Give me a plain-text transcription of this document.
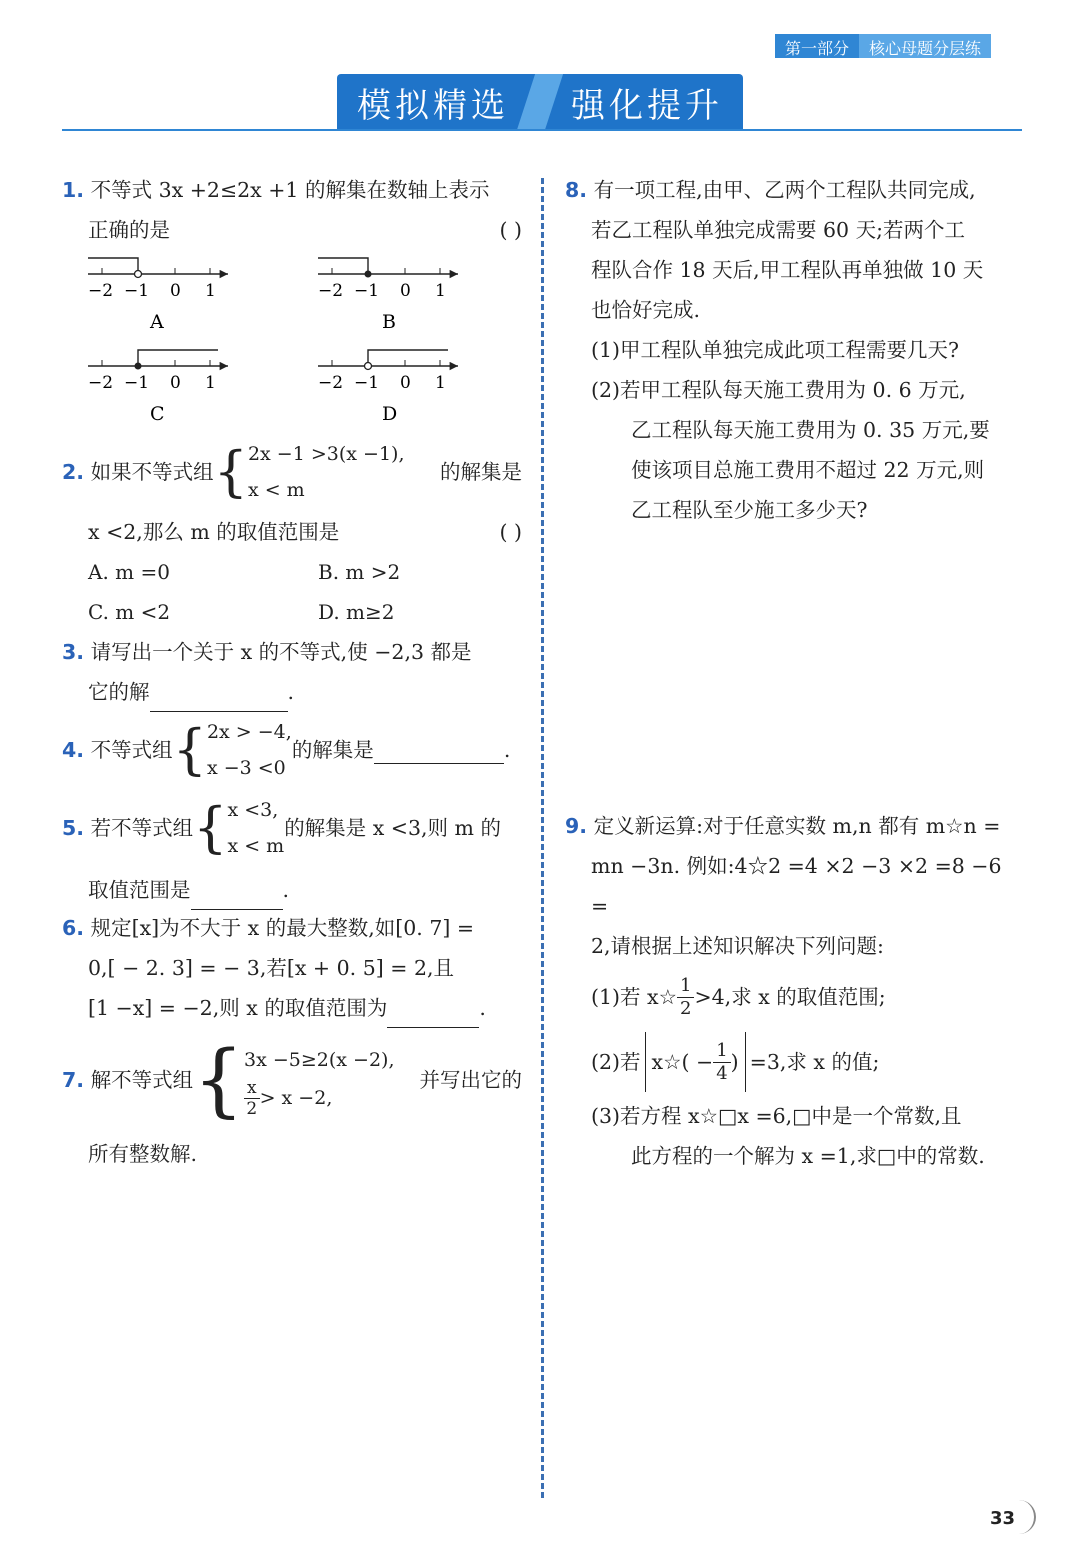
第一部分	核心母题分层练
模拟精选 强化提升
1. 不等式 3x +2≤2x +1 的解集在数轴上表示
正确的是	( )
−2 −1 0 1
A
−2 −1 0 1
B
−2 −1 0 1
C
−2 −1 0 1
D
2.
如果不等式组 { 2x −1 >3(x −1),
x < m
的解集是
x <2,那么 m 的取值范围是	( )
A. m =0	B. m >2
C. m <2	D. m≥2
3. 请写出一个关于 x 的不等式,使 −2,3 都是
它的解	.
4.
不等式组 { 2x > −4,
x −3 <0
的解集是	.
5.
若不等式组 { x <3,
x < m
的解集是 x <3,则 m 的
取值范围是	.
6. 规定[x]为不大于 x 的最大整数,如[0. 7] =
0,[ − 2. 3] = − 3,若[x + 0. 5] = 2,且
[1 −x] = −2,则 x 的取值范围为	.
7.
解不等式组 { 3x −5≥2(x −2),
$\frac{x}{2} > x -2$,
并写出它的
所有整数解.
8. 有一项工程,由甲、乙两个工程队共同完成,
若乙工程队单独完成需要 60 天;若两个工
程队合作 18 天后,甲工程队再单独做 10 天
也恰好完成.
(1)甲工程队单独完成此项工程需要几天?
(2)若甲工程队每天施工费用为 0. 6 万元,
乙工程队每天施工费用为 0. 35 万元,要
使该项目总施工费用不超过 22 万元,则
乙工程队至少施工多少天?
9. 定义新运算:对于任意实数 m,n 都有 m☆n =
mn −3n. 例如:4☆2 =4 ×2 −3 ×2 =8 −6 =
2,请根据上述知识解决下列问题:
(1)若 x☆ $\frac{1}{2} >4$,求 x 的取值范围;
(2)若 x☆( − $\frac{1}{4}$ ) =3,求 x 的值;
(3)若方程 x☆□x =6,□中是一个常数,且
此方程的一个解为 x =1,求□中的常数.
33
